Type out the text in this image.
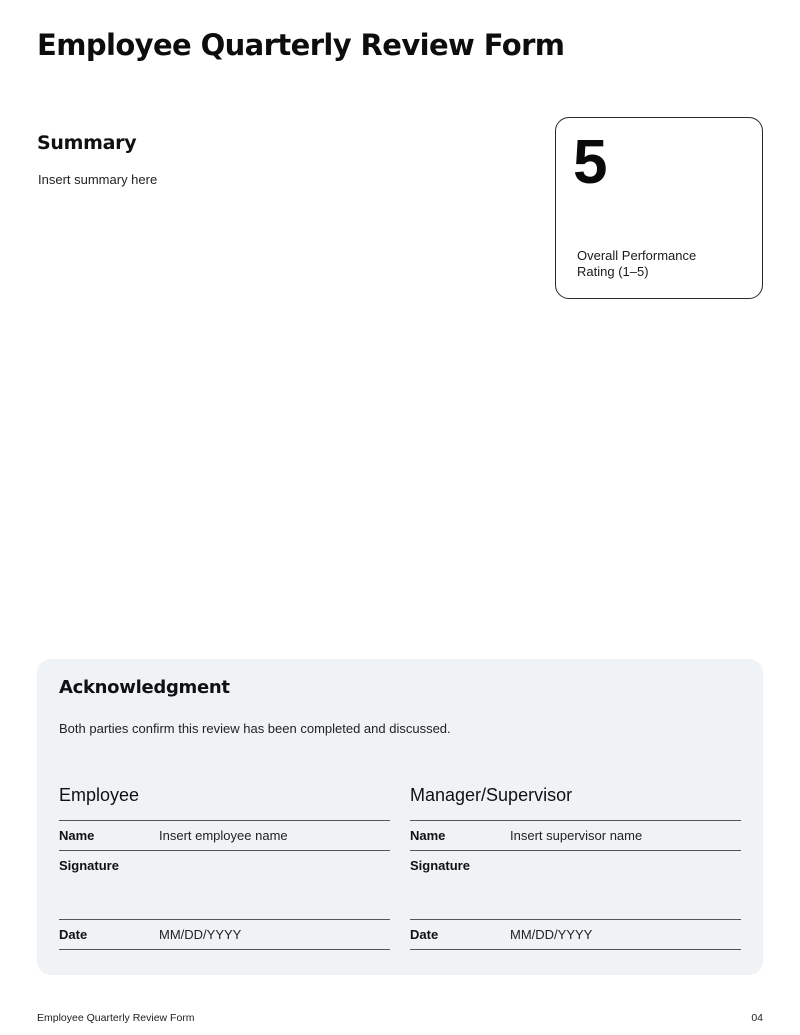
Employee Quarterly Review Form
Summary

Insert summary here	5
Overall Performance Rating (1–5)
Acknowledgment

Both parties confirm this review has been completed and discussed.

Employee
Name	Insert employee name
Signature
Date	MM/DD/YYYY
Manager/Supervisor
Name	Insert supervisor name
Signature
Date	MM/DD/YYYY
Employee Quarterly Review Form	04
